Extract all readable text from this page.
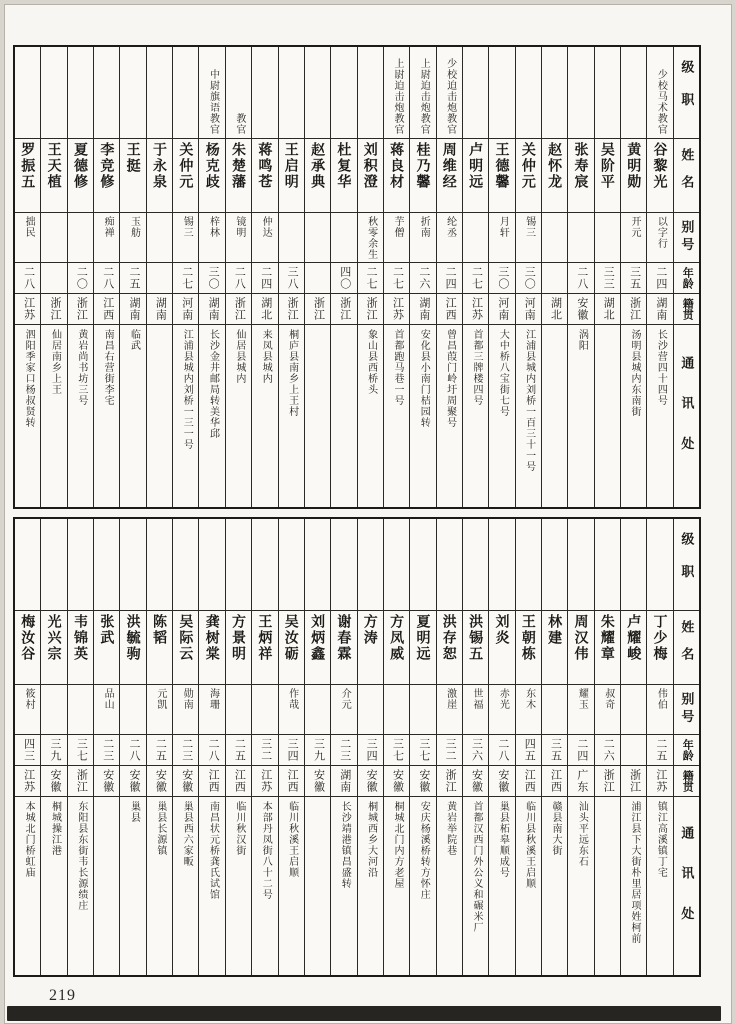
级职
姓名
别号
年龄
籍贯
通讯处
少校马术教官
谷黎光
以字行
二四
湖南
长沙营四十四号
黄明勋
开元
三五
浙江
汤明县城内东南街
吴阶平
三三
湖北
张寿宸
二八
安徽
涡阳
赵怀龙
湖北
关仲元
锡三
三〇
河南
江浦县城内刘桥一百三十一号
王德馨
月轩
三〇
河南
大中桥八宝街七号
卢明远
二七
江苏
首都三牌楼四号
少校迫击炮教官
周维经
纶丞
二四
江西
曾昌葭门岭圩周聚号
上尉迫击炮教官
桂乃馨
折南
二六
湖南
安化县小南门桔园转
上尉迫击炮教官
蒋良材
芋僧
二七
江苏
首都跑马巷一号
刘积澄
秋零余生
二七
浙江
象山县西桥头
杜复华
四〇
浙江
赵承典
浙江
王启明
三八
浙江
桐庐县南乡上王村
蒋鸣苍
仲达
二四
湖北
来凤县城内
教官
朱楚藩
镜明
二八
浙江
仙居县城内
中尉旗语教官
杨克歧
梓林
三〇
湖南
长沙金井邮局转美华邱
关仲元
锡三
二七
河南
江浦县城内刘桥一三一号
于永泉
湖南
王挺
玉舫
二五
湖南
临武
李竞修
痴禅
二八
江西
南昌右营街李宅
夏德修
二〇
浙江
黄岩尚书坊三号
王天植
浙江
仙居南乡上王
罗振五
拙民
二八
江苏
泗阳季家口杨叔贤转
级职
姓名
别号
年龄
籍贯
通讯处
丁少梅
伟伯
二五
江苏
镇江高溪镇丁宅
卢耀峻
浙江
浦江县下大街朴里居项姓柯前
朱耀章
叔奇
二六
浙江
周汉伟
耀玉
二四
广东
汕头平远东石
林建
三五
江西
赣县南大街
王朝栋
东木
四五
江西
临川县秋溪王启顺
刘炎
赤光
二八
安徽
巢县柘皋顺成号
洪锡五
世福
三六
安徽
首都汉西门外公义和碾米厂
洪存恕
激崖
三二
浙江
黄岩举院巷
夏明远
三七
安徽
安庆杨溪桥转方怀庄
方凤威
三七
安徽
桐城北门内方老屋
方涛
三四
安徽
桐城西乡大河沿
谢春霖
介元
二三
湖南
长沙靖港镇昌盛转
刘炳鑫
三九
安徽
吴汝砺
作哉
三四
江西
临川秋溪王启顺
王炳祥
三二
江苏
本部丹凤街八十二号
方景明
二五
江西
临川秋汉街
龚树棠
海珊
二八
江西
南昌状元桥龚氏试馆
吴际云
勋南
二三
安徽
巢县西六家畈
陈韬
元凯
二五
安徽
巢县长源镇
洪毓驹
二八
安徽
巢县
张武
品山
二三
安徽
韦锦英
三七
浙江
东阳县东街韦长源绩庄
光兴宗
三九
安徽
桐城操江港
梅汝谷
筱村
四三
江苏
本城北门桥虹庙
219
